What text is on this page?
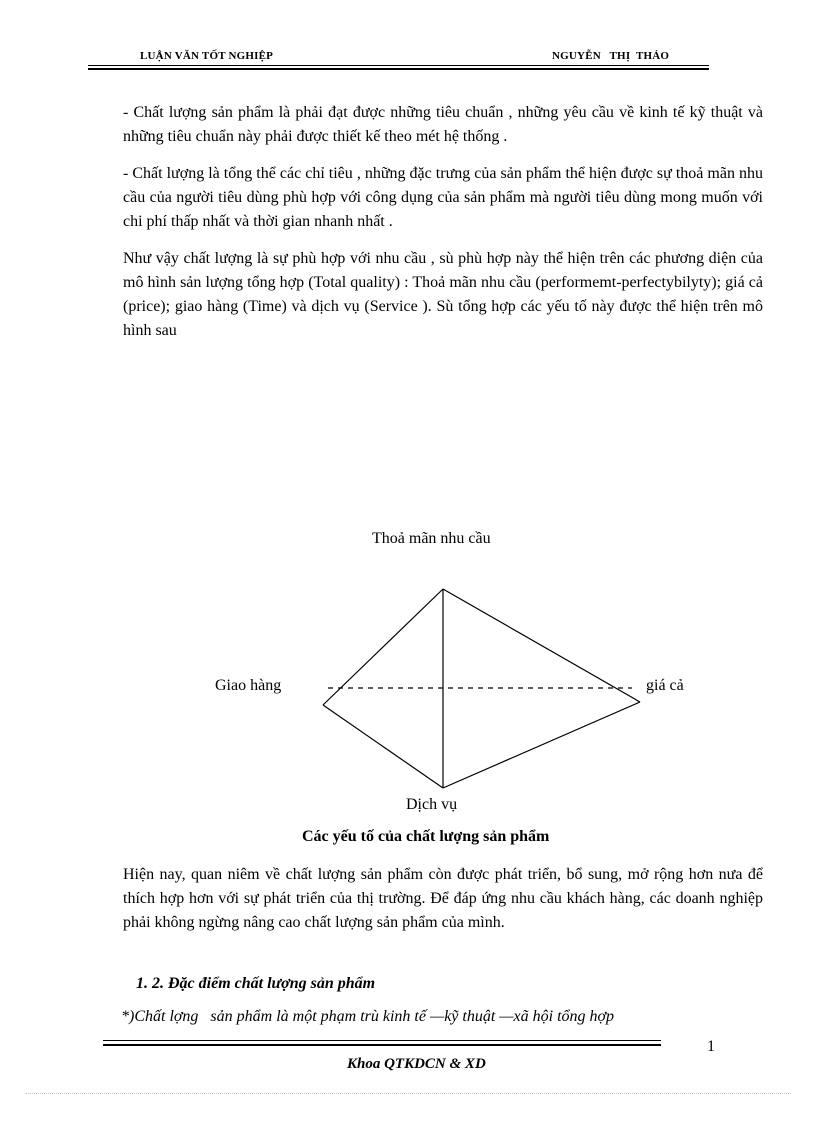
LUẬN VĂN TỐT NGHIỆP	NGUYỄN   THỊ  THẢO
- Chất lượng sản phẩm là phải đạt được những tiêu chuẩn , những yêu cầu về kinh tế kỹ thuật và những tiêu chuẩn này phải được thiết kế theo mét hệ thống .
- Chất lượng là tổng thể các chỉ tiêu , những đặc trưng của sản phẩm thể hiện được sự thoả mãn nhu cầu của người tiêu dùng phù hợp với công dụng của sản phẩm mà người tiêu dùng mong muốn với chi phí thấp nhất và thời gian nhanh nhất .
Như vậy chất lượng là sự phù hợp với nhu cầu , sù phù hợp này thể hiện trên các phương diện của mô hình sản lượng tổng hợp (Total quality) : Thoả mãn nhu cầu (performemt-perfectybilyty); giá cả (price); giao hàng (Time) và dịch vụ (Service ). Sù tổng hợp các yếu tố này được thể hiện trên mô hình sau
Thoả mãn nhu cầu
Giao hàng	giá cả
Dịch vụ
Các yếu tố của chất lượng sản phẩm
Hiện nay, quan niêm về chất lượng sản phẩm còn được phát triển, bổ sung, mở rộng hơn nưa để thích hợp hơn với sự phát triển của thị trường. Để đáp ứng nhu cầu khách hàng, các doanh nghiệp phải không ngừng nâng cao chất lượng sản phẩm của mình.
1. 2. Đặc điểm chất lượng sản phẩm
*)Chất lợng   sản phẩm là một phạm trù kinh tế —kỹ thuật —xã hội tổng hợp
1
Khoa QTKDCN & XD
